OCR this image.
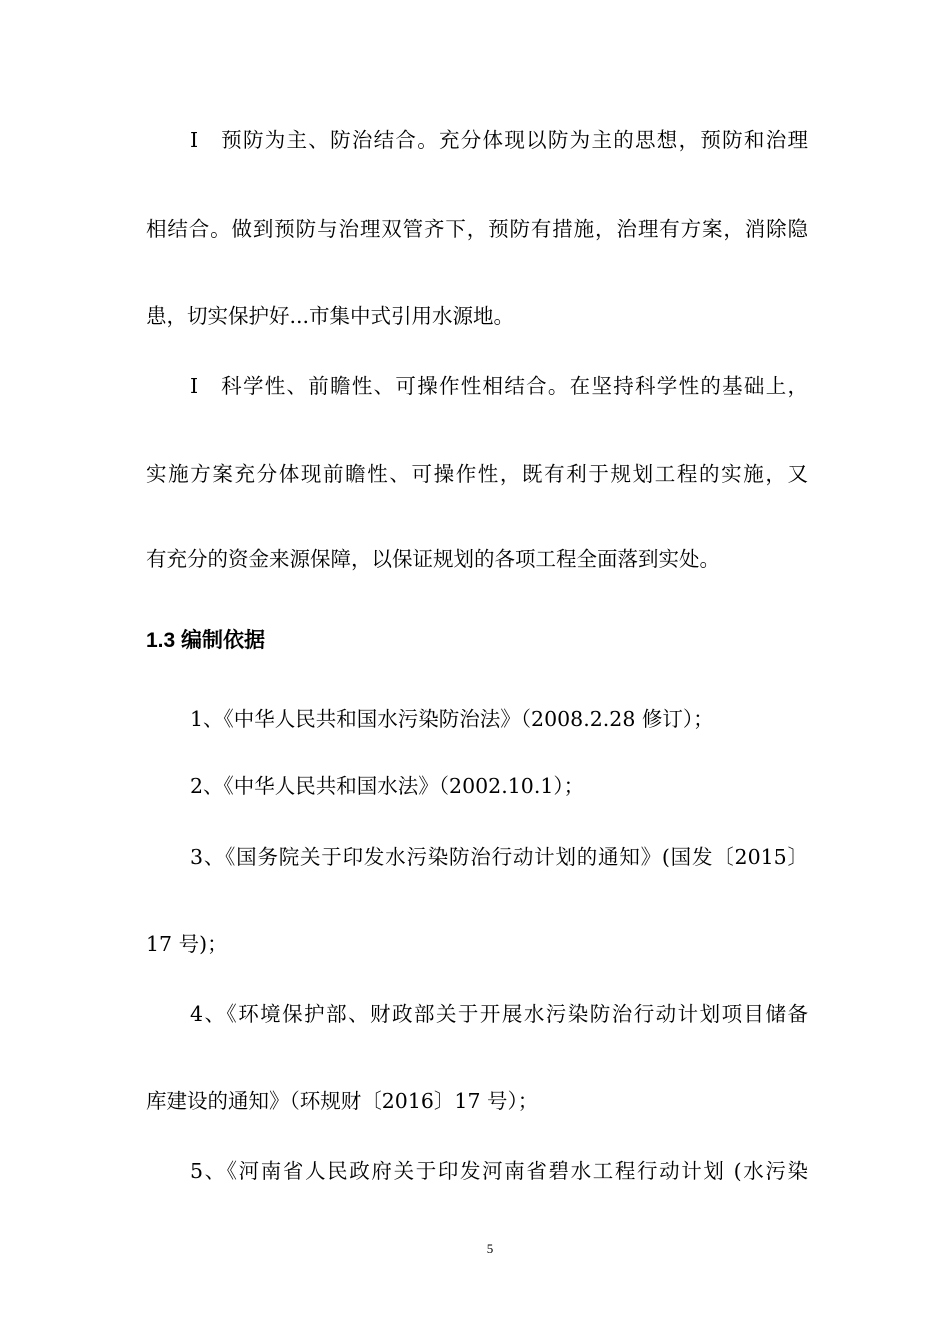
Ⅰ　预防为主、防治结合。充分体现以防为主的思想，预防和治理

相结合。做到预防与治理双管齐下，预防有措施，治理有方案，消除隐

患，切实保护好...市集中式引用水源地。

Ⅰ　科学性、前瞻性、可操作性相结合。在坚持科学性的基础上，

实施方案充分体现前瞻性、可操作性，既有利于规划工程的实施，又

有充分的资金来源保障，以保证规划的各项工程全面落到实处。

1.3 编制依据

1、《中华人民共和国水污染防治法》（2008.2.28 修订）；

2、《中华人民共和国水法》（2002.10.1）；

3、《国务院关于印发水污染防治行动计划的通知》(国发〔2015〕

17 号)；

4、《环境保护部、财政部关于开展水污染防治行动计划项目储备

库建设的通知》（环规财〔2016〕17 号）；

5、《河南省人民政府关于印发河南省碧水工程行动计划 (水污染

5
